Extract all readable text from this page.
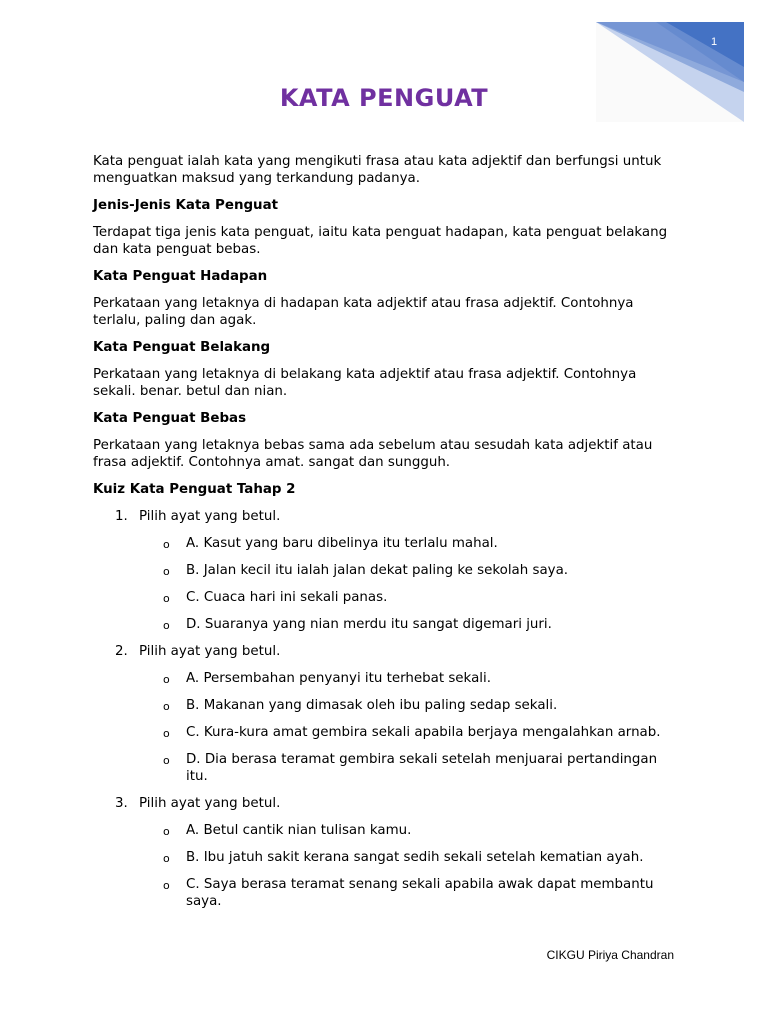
1
KATA PENGUAT

Kata penguat ialah kata yang mengikuti frasa atau kata adjektif dan berfungsi untuk menguatkan maksud yang terkandung padanya.

Jenis-Jenis Kata Penguat

Terdapat tiga jenis kata penguat, iaitu kata penguat hadapan, kata penguat belakang dan kata penguat bebas.

Kata Penguat Hadapan

Perkataan yang letaknya di hadapan kata adjektif atau frasa adjektif. Contohnya terlalu, paling dan agak.

Kata Penguat Belakang

Perkataan yang letaknya di belakang kata adjektif atau frasa adjektif. Contohnya sekali. benar. betul dan nian.

Kata Penguat Bebas

Perkataan yang letaknya bebas sama ada sebelum atau sesudah kata adjektif atau frasa adjektif. Contohnya amat. sangat dan sungguh.

Kuiz Kata Penguat Tahap 2

1. Pilih ayat yang betul.
o A. Kasut yang baru dibelinya itu terlalu mahal.
o B. Jalan kecil itu ialah jalan dekat paling ke sekolah saya.
o C. Cuaca hari ini sekali panas.
o D. Suaranya yang nian merdu itu sangat digemari juri.
2. Pilih ayat yang betul.
o A. Persembahan penyanyi itu terhebat sekali.
o B. Makanan yang dimasak oleh ibu paling sedap sekali.
o C. Kura-kura amat gembira sekali apabila berjaya mengalahkan arnab.
o D. Dia berasa teramat gembira sekali setelah menjuarai pertandingan itu.
3. Pilih ayat yang betul.
o A. Betul cantik nian tulisan kamu.
o B. Ibu jatuh sakit kerana sangat sedih sekali setelah kematian ayah.
o C. Saya berasa teramat senang sekali apabila awak dapat membantu saya.
CIKGU Piriya Chandran
